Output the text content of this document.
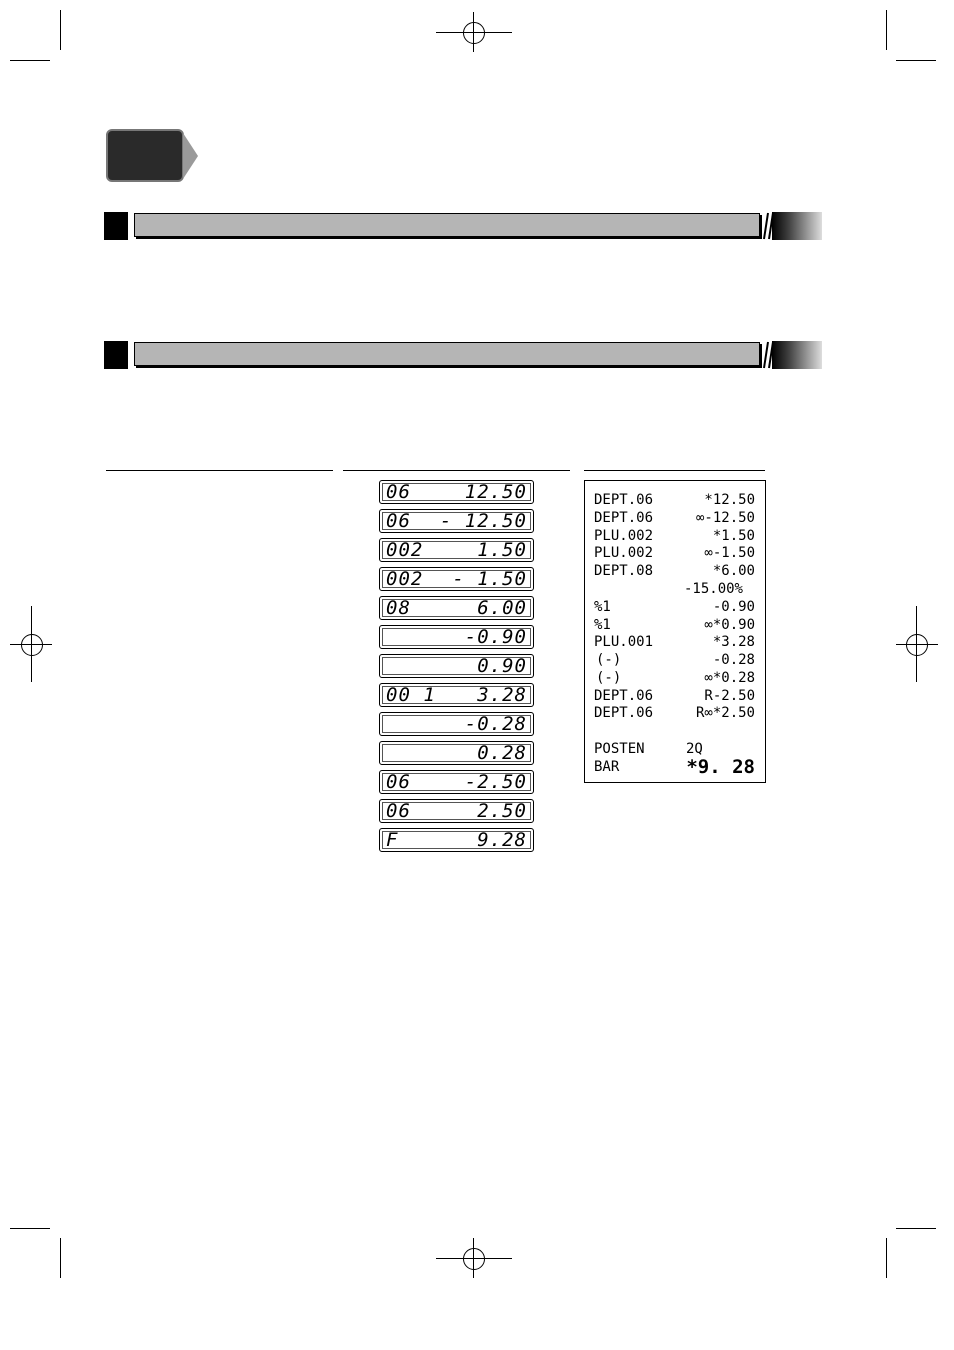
06	12.50
06 - 12.50
002	1.50
002 - 1.50
08	6.00
-0.90
0.90
00 1 3.28
-0.28
0.28
06	-2.50
06	2.50
F	9.28
DEPT.06	*12.50
DEPT.06	∞-12.50
PLU.002	*1.50
PLU.002	∞-1.50
DEPT.08	*6.00
-15.00%
%1	-0.90
%1	∞*0.90
PLU.001	*3.28
(-)	-0.28
(-)	∞*0.28
DEPT.06	R-2.50
DEPT.06	R∞*2.50
POSTEN	2Q
BAR	*9. 28
